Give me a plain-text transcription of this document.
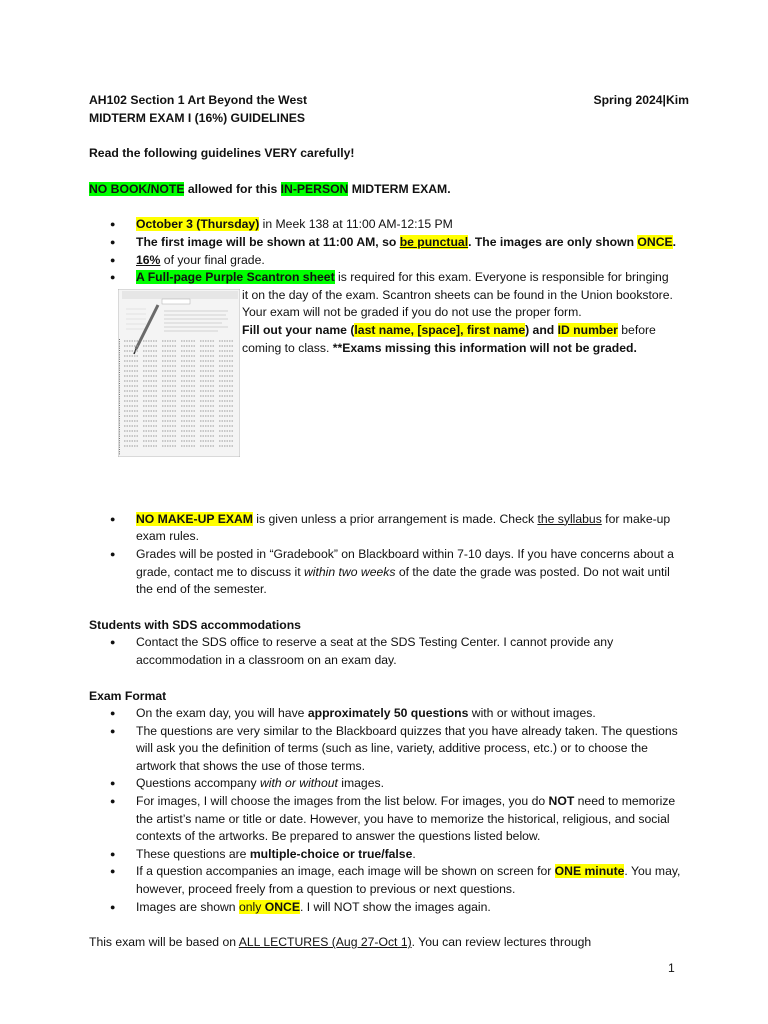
AH102 Section 1 Art Beyond the West	Spring 2024|Kim

MIDTERM EXAM I (16%) GUIDELINES

Read the following guidelines VERY carefully!

NO BOOK/NOTE allowed for this IN-PERSON MIDTERM EXAM.

● October 3 (Thursday) in Meek 138 at 11:00 AM-12:15 PM
● The first image will be shown at 11:00 AM, so be punctual. The images are only shown ONCE.
● 16% of your final grade.
● A Full-page Purple Scantron sheet is required for this exam. Everyone is responsible for bringing

it on the day of the exam. Scantron sheets can be found in the Union bookstore. Your exam will not be graded if you do not use the proper form.

Fill out your name (last name, [space], first name) and ID number before coming to class. **Exams missing this information will not be graded.

● NO MAKE-UP EXAM is given unless a prior arrangement is made. Check the syllabus for make-up exam rules.
● Grades will be posted in “Gradebook” on Blackboard within 7-10 days. If you have concerns about a grade, contact me to discuss it within two weeks of the date the grade was posted. Do not wait until the end of the semester.

Students with SDS accommodations

● Contact the SDS office to reserve a seat at the SDS Testing Center. I cannot provide any accommodation in a classroom on an exam day.

Exam Format

● On the exam day, you will have approximately 50 questions with or without images.
● The questions are very similar to the Blackboard quizzes that you have already taken. The questions will ask you the definition of terms (such as line, variety, additive process, etc.) or to choose the artwork that shows the use of those terms.
● Questions accompany with or without images.
● For images, I will choose the images from the list below. For images, you do NOT need to memorize the artist’s name or title or date. However, you have to memorize the historical, religious, and social contexts of the artworks. Be prepared to answer the questions listed below.
● These questions are multiple-choice or true/false.
● If a question accompanies an image, each image will be shown on screen for ONE minute. You may, however, proceed freely from a question to previous or next questions.
● Images are shown only ONCE. I will NOT show the images again.

This exam will be based on ALL LECTURES (Aug 27-Oct 1). You can review lectures through

1
